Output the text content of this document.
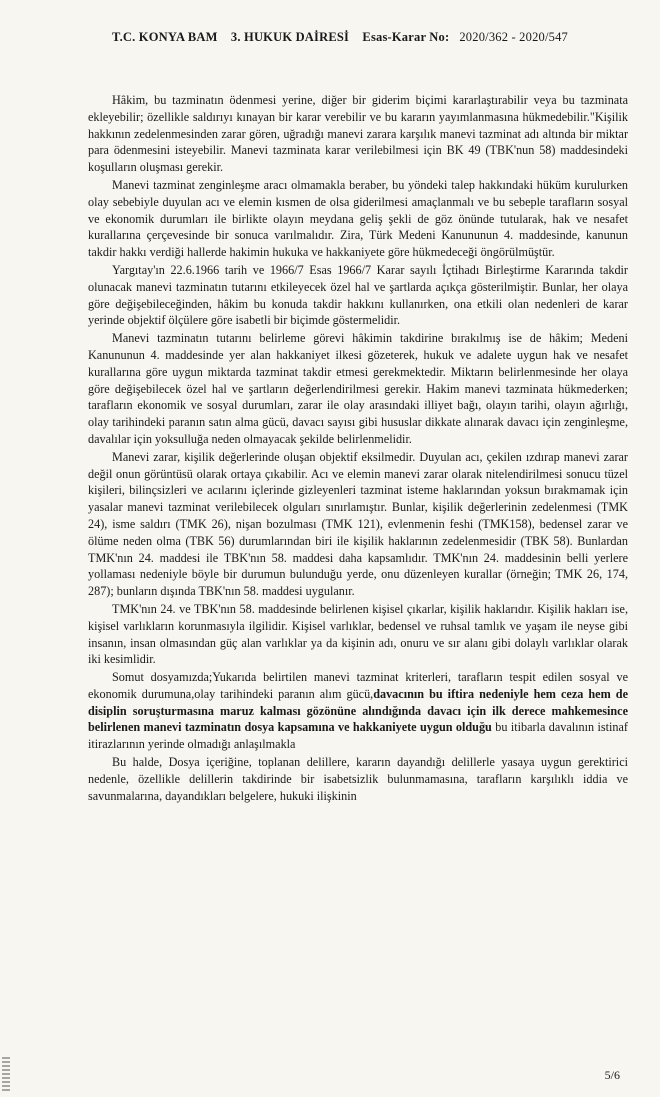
T.C. KONYA BAM 3. HUKUK DAİRESİ Esas-Karar No: 2020/362 - 2020/547

Hâkim, bu tazminatın ödenmesi yerine, diğer bir giderim biçimi kararlaştırabilir veya bu tazminata ekleyebilir; özellikle saldırıyı kınayan bir karar verebilir ve bu kararın yayımlanmasına hükmedebilir."Kişilik hakkının zedelenmesinden zarar gören, uğradığı manevi zarara karşılık manevi tazminat adı altında bir miktar para ödenmesini isteyebilir. Manevi tazminata karar verilebilmesi için BK 49 (TBK'nun 58) maddesindeki koşulların oluşması gerekir.

Manevi tazminat zenginleşme aracı olmamakla beraber, bu yöndeki talep hakkındaki hüküm kurulurken olay sebebiyle duyulan acı ve elemin kısmen de olsa giderilmesi amaçlanmalı ve bu sebeple tarafların sosyal ve ekonomik durumları ile birlikte olayın meydana geliş şekli de göz önünde tutularak, hak ve nesafet kurallarına çerçevesinde bir sonuca varılmalıdır. Zira, Türk Medeni Kanununun 4. maddesinde, kanunun takdir hakkı verdiği hallerde hakimin hukuka ve hakkaniyete göre hükmedeceği öngörülmüştür.

Yargıtay'ın 22.6.1966 tarih ve 1966/7 Esas 1966/7 Karar sayılı İçtihadı Birleştirme Kararında takdir olunacak manevi tazminatın tutarını etkileyecek özel hal ve şartlarda açıkça gösterilmiştir. Bunlar, her olaya göre değişebileceğinden, hâkim bu konuda takdir hakkını kullanırken, ona etkili olan nedenleri de karar yerinde objektif ölçülere göre isabetli bir biçimde göstermelidir.

Manevi tazminatın tutarını belirleme görevi hâkimin takdirine bırakılmış ise de hâkim; Medeni Kanununun 4. maddesinde yer alan hakkaniyet ilkesi gözeterek, hukuk ve adalete uygun hak ve nesafet kurallarına göre uygun miktarda tazminat takdir etmesi gerekmektedir. Miktarın belirlenmesinde her olaya göre değişebilecek özel hal ve şartların değerlendirilmesi gerekir. Hakim manevi tazminata hükmederken; tarafların ekonomik ve sosyal durumları, zarar ile olay arasındaki illiyet bağı, olayın tarihi, olayın ağırlığı, olay tarihindeki paranın satın alma gücü, davacı sayısı gibi hususlar dikkate alınarak davacı için zenginleşme, davalılar için yoksulluğa neden olmayacak şekilde belirlenmelidir.

Manevi zarar, kişilik değerlerinde oluşan objektif eksilmedir. Duyulan acı, çekilen ızdırap manevi zarar değil onun görüntüsü olarak ortaya çıkabilir. Acı ve elemin manevi zarar olarak nitelendirilmesi sonucu tüzel kişileri, bilinçsizleri ve acılarını içlerinde gizleyenleri tazminat isteme haklarından yoksun bırakmamak için yasalar manevi tazminat verilebilecek olguları sınırlamıştır. Bunlar, kişilik değerlerinin zedelenmesi (TMK 24), isme saldırı (TMK 26), nişan bozulması (TMK 121), evlenmenin feshi (TMK158), bedensel zarar ve ölüme neden olma (TBK 56) durumlarından biri ile kişilik haklarının zedelenmesidir (TBK 58). Bunlardan TMK'nın 24. maddesi ile TBK'nın 58. maddesi daha kapsamlıdır. TMK'nın 24. maddesinin belli yerlere yollaması nedeniyle böyle bir durumun bulunduğu yerde, onu düzenleyen kurallar (örneğin; TMK 26, 174, 287); bunların dışında TBK'nın 58. maddesi uygulanır.

TMK'nın 24. ve TBK'nın 58. maddesinde belirlenen kişisel çıkarlar, kişilik haklarıdır. Kişilik hakları ise, kişisel varlıkların korunmasıyla ilgilidir. Kişisel varlıklar, bedensel ve ruhsal tamlık ve yaşam ile neyse gibi insanın, insan olmasından güç alan varlıklar ya da kişinin adı, onuru ve sır alanı gibi dolaylı varlıklar olarak iki kesimlidir.

Somut dosyamızda;Yukarıda belirtilen manevi tazminat kriterleri, tarafların tespit edilen sosyal ve ekonomik durumuna,olay tarihindeki paranın alım gücü,davacının bu iftira nedeniyle hem ceza hem de disiplin soruşturmasına maruz kalması gözönüne alındığında davacı için ilk derece mahkemesince belirlenen manevi tazminatın dosya kapsamına ve hakkaniyete uygun olduğu bu itibarla davalının istinaf itirazlarının yerinde olmadığı anlaşılmakla

Bu halde, Dosya içeriğine, toplanan delillere, kararın dayandığı delillerle yasaya uygun gerektirici nedenle, özellikle delillerin takdirinde bir isabetsizlik bulunmamasına, tarafların karşılıklı iddia ve savunmalarına, dayandıkları belgelere, hukuki ilişkinin

5/6
